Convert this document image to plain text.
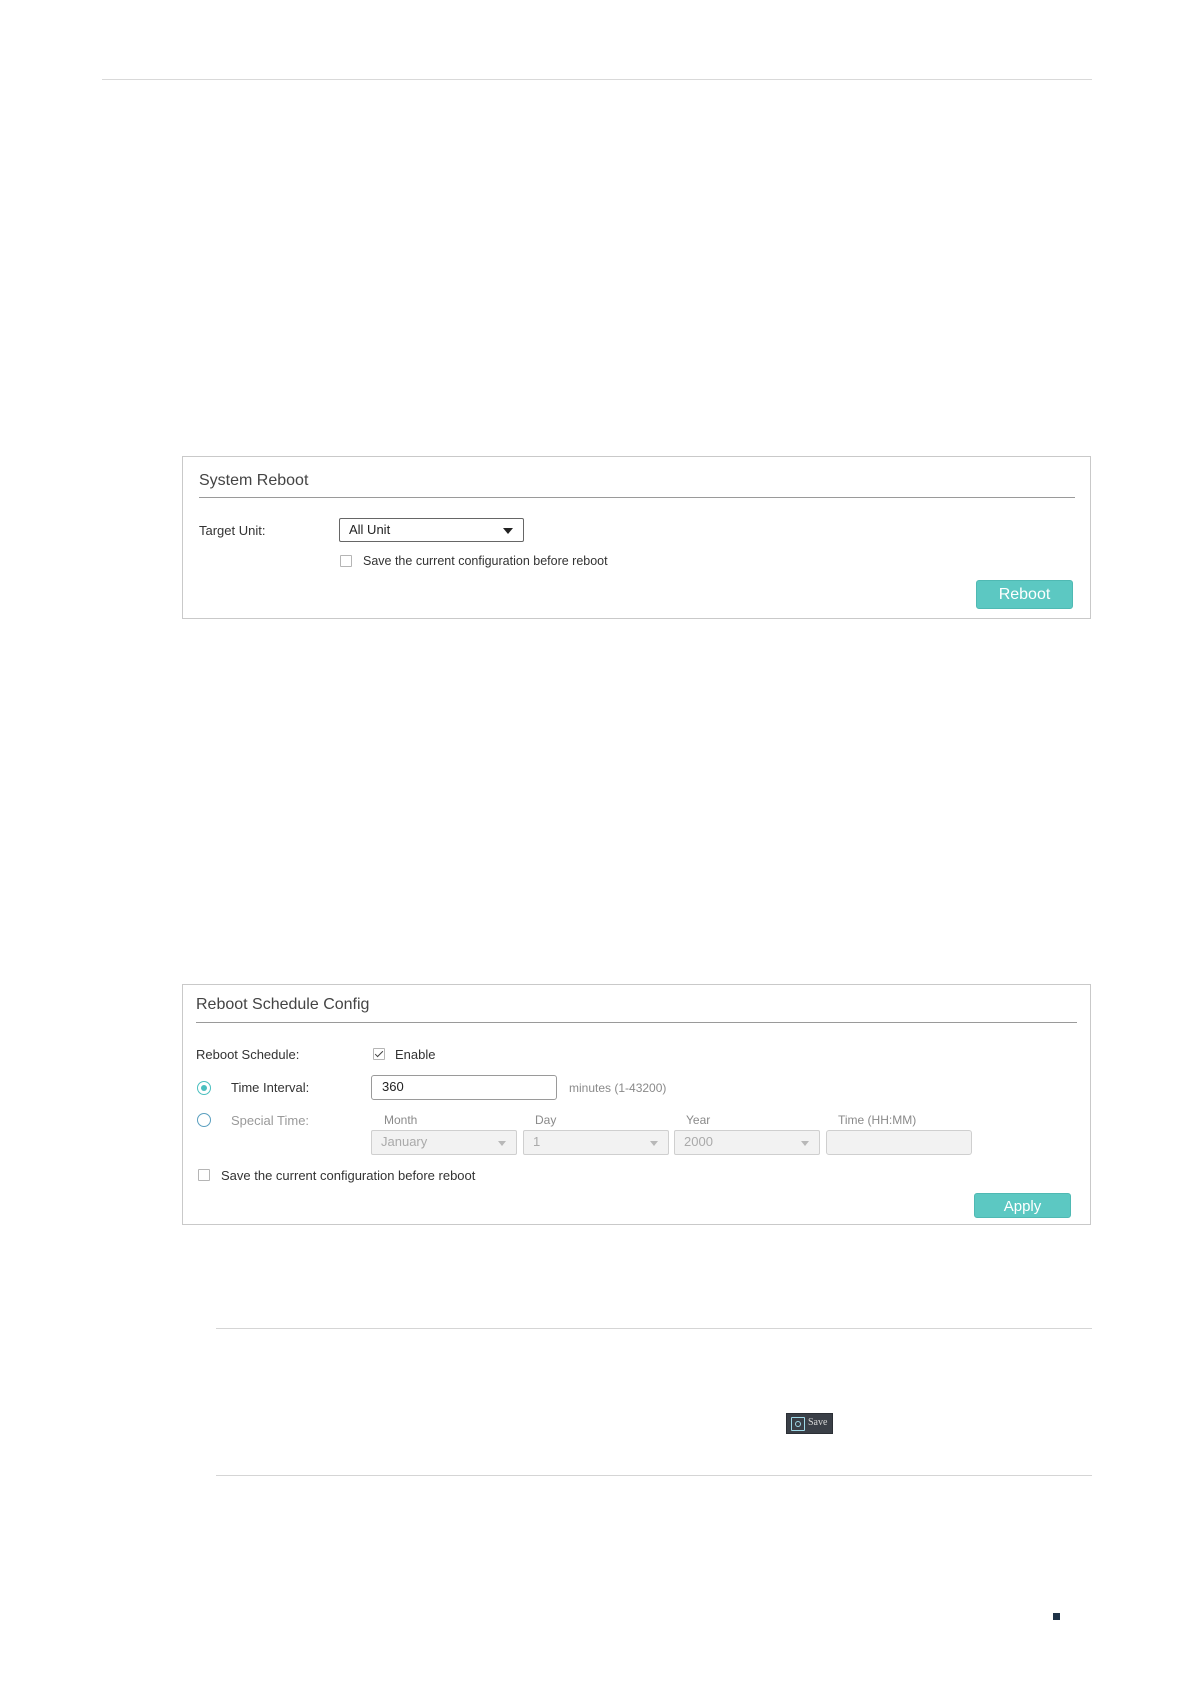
System Reboot
Target Unit:	All Unit
Save the current configuration before reboot
Reboot
Reboot Schedule Config
Reboot Schedule:	Enable
Time Interval:	360	minutes (1-43200)
Special Time:	Month	Day	Year	Time (HH:MM)
January	1	2000
Save the current configuration before reboot
Apply
Save
